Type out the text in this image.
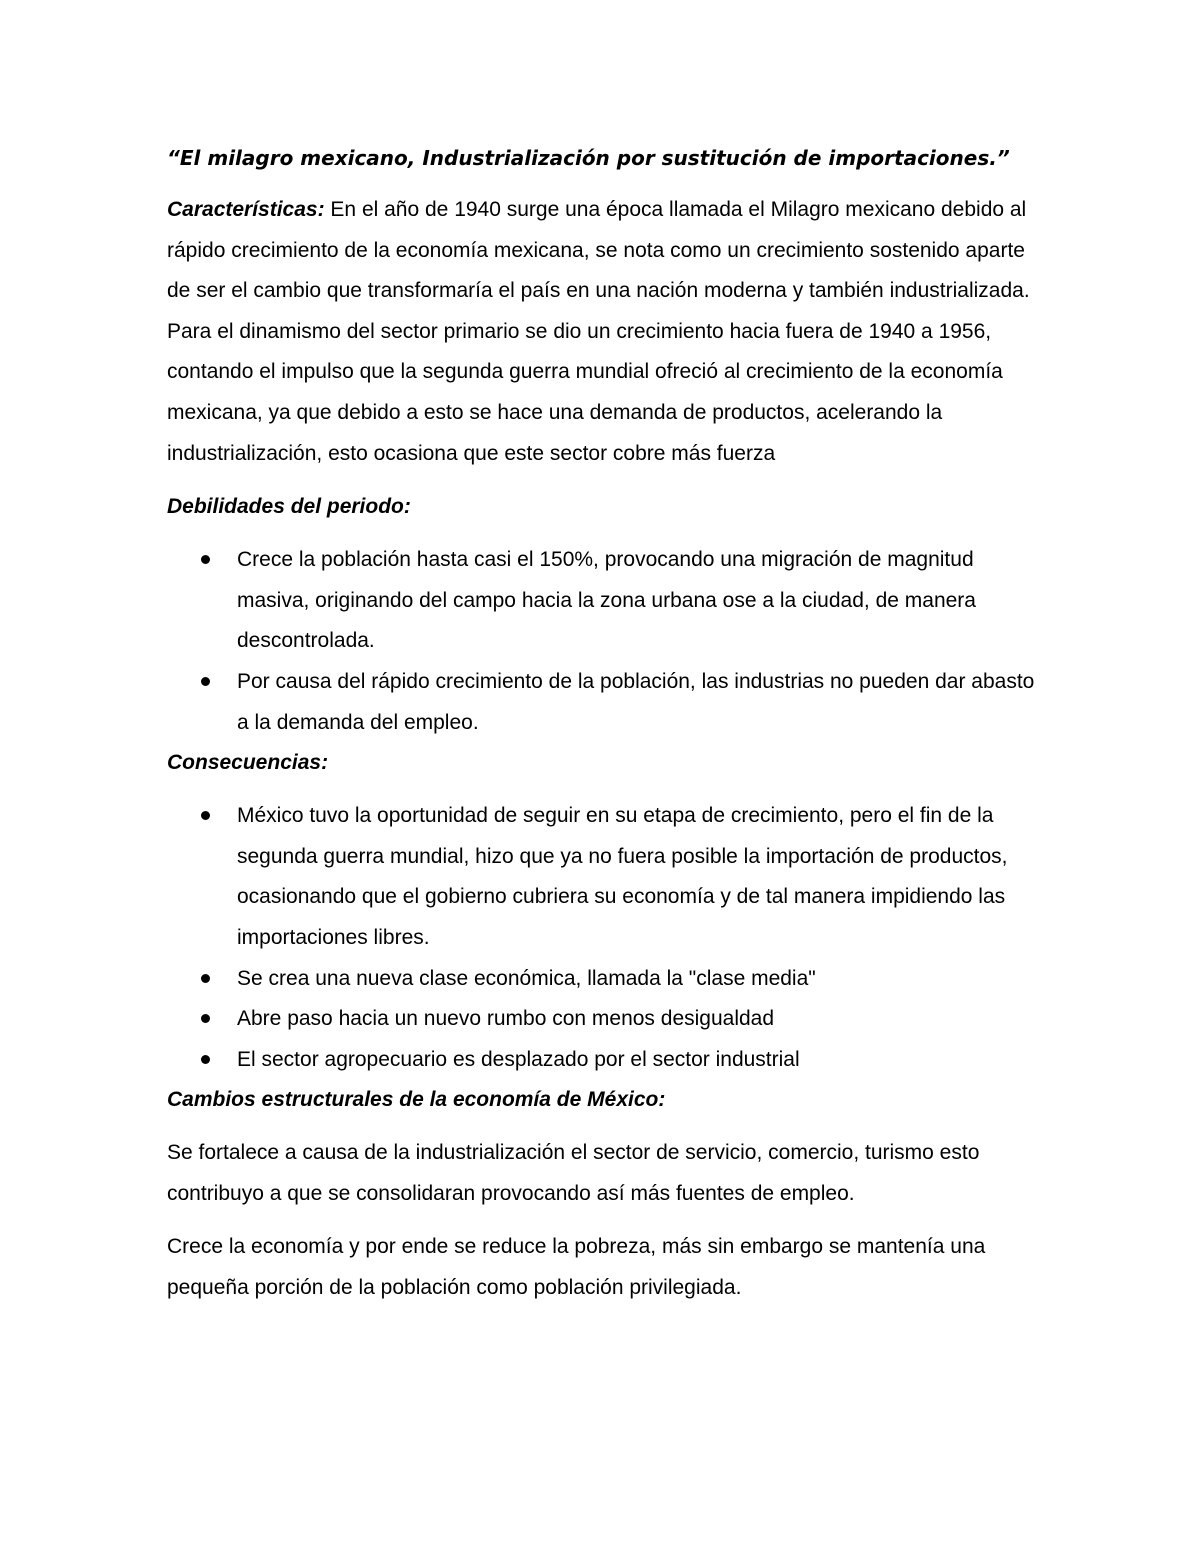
“El milagro mexicano, Industrialización por sustitución de importaciones.”

Características: En el año de 1940 surge una época llamada el Milagro mexicano debido al rápido crecimiento de la economía mexicana, se nota como un crecimiento sostenido aparte de ser el cambio que transformaría el país en una nación moderna y también industrializada. Para el dinamismo del sector primario se dio un crecimiento hacia fuera de 1940 a 1956, contando el impulso que la segunda guerra mundial ofreció al crecimiento de la economía mexicana, ya que debido a esto se hace una demanda de productos, acelerando la industrialización, esto ocasiona que este sector cobre más fuerza

Debilidades del periodo:

Crece la población hasta casi el 150%, provocando una migración de magnitud masiva, originando del campo hacia la zona urbana ose a la ciudad, de manera descontrolada.
Por causa del rápido crecimiento de la población, las industrias no pueden dar abasto a la demanda del empleo.

Consecuencias:

México tuvo la oportunidad de seguir en su etapa de crecimiento, pero el fin de la segunda guerra mundial, hizo que ya no fuera posible la importación de productos, ocasionando que el gobierno cubriera su economía y de tal manera impidiendo las importaciones libres.
Se crea una nueva clase económica, llamada la "clase media"
Abre paso hacia un nuevo rumbo con menos desigualdad
El sector agropecuario es desplazado por el sector industrial

Cambios estructurales de la economía de México:

Se fortalece a causa de la industrialización el sector de servicio, comercio, turismo esto contribuyo a que se consolidaran provocando así más fuentes de empleo.

Crece la economía y por ende se reduce la pobreza, más sin embargo se mantenía una pequeña porción de la población como población privilegiada.
